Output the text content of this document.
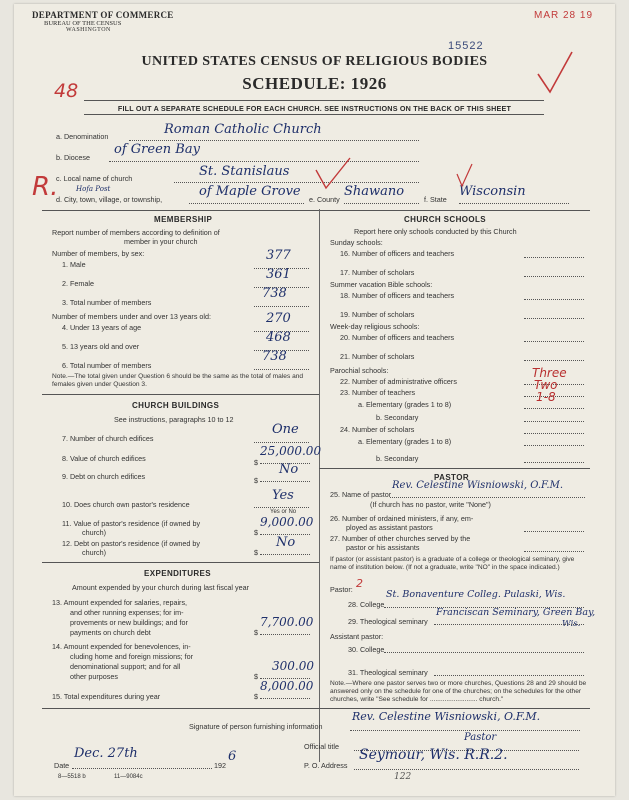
DEPARTMENT OF COMMERCE
BUREAU OF THE CENSUS
WASHINGTON
MAR 28 19
15522
UNITED STATES CENSUS OF RELIGIOUS BODIES
SCHEDULE: 1926
48
FILL OUT A SEPARATE SCHEDULE FOR EACH CHURCH. SEE INSTRUCTIONS ON THE BACK OF THIS SHEET
a. Denomination	Roman Catholic Church
b. Diocese
of Green Bay
c. Local name of church	St. Stanislaus
Hofa Post
d. City, town, village, or township,
of Maple Grove
e. County
Shawano
f. State
Wisconsin
R.
MEMBERSHIP
Report number of members according to definition of
member in your church
Number of members, by sex:
1. Male
377
2. Female
361
3. Total number of members
738
Number of members under and over 13 years old:
4. Under 13 years of age
270
5. 13 years old and over
468
6. Total number of members
738
Note.—The total given under Question 6 should be the same as the total of males and females given under Question 3.
CHURCH BUILDINGS
See instructions, paragraphs 10 to 12
7. Number of church edifices
One
8. Value of church edifices	$
25,000.00
9. Debt on church edifices	$
No
10. Does church own pastor's residence
Yes
Yes or No
11. Value of pastor's residence (if owned by
church)	$
9,000.00
12. Debt on pastor's residence (if owned by
church)	$
No
EXPENDITURES
Amount expended by your church during last fiscal year
13. Amount expended for salaries, repairs,
and other running expenses; for im-
provements or new buildings; and for
payments on church debt	$
7,700.00
14. Amount expended for benevolences, in-
cluding home and foreign missions; for
denominational support; and for all
other purposes	$
300.00
15. Total expenditures during year	$
8,000.00
CHURCH SCHOOLS
Report here only schools conducted by this Church
Sunday schools:
16. Number of officers and teachers
17. Number of scholars
Summer vacation Bible schools:
18. Number of officers and teachers
19. Number of scholars
Week-day religious schools:
20. Number of officers and teachers
21. Number of scholars
Parochial schools:
22. Number of administrative officers
Three
23. Number of teachers
Two
a. Elementary (grades 1 to 8)
1-8
b. Secondary
24. Number of scholars
a. Elementary (grades 1 to 8)
b. Secondary
PASTOR
25. Name of pastor
Rev. Celestine Wisniowski, O.F.M.
(If church has no pastor, write "None")
26. Number of ordained ministers, if any, em-
ployed as assistant pastors
27. Number of other churches served by the
pastor or his assistants
If pastor (or assistant pastor) is a graduate of a college or theological seminary, give name of institution below. (If not a graduate, write "NO" in the space indicated.)
Pastor: 2
28. College
St. Bonaventure Colleg. Pulaski, Wis.
29. Theological seminary
Franciscan Seminary, Green Bay,
Wis.
Assistant pastor:
30. College
31. Theological seminary
Note.—Where one pastor serves two or more churches, Questions 28 and 29 should be answered only on the schedule for one of the churches; on the schedules for the other churches, write "See schedule for .......................... church."
Signature of person furnishing information
Rev. Celestine Wisniowski, O.F.M.
Official title
Pastor
Date
Dec. 27th
192
6
P. O. Address
Seymour, Wis. R.R.2.
8—5518 b	11—9084c	122
